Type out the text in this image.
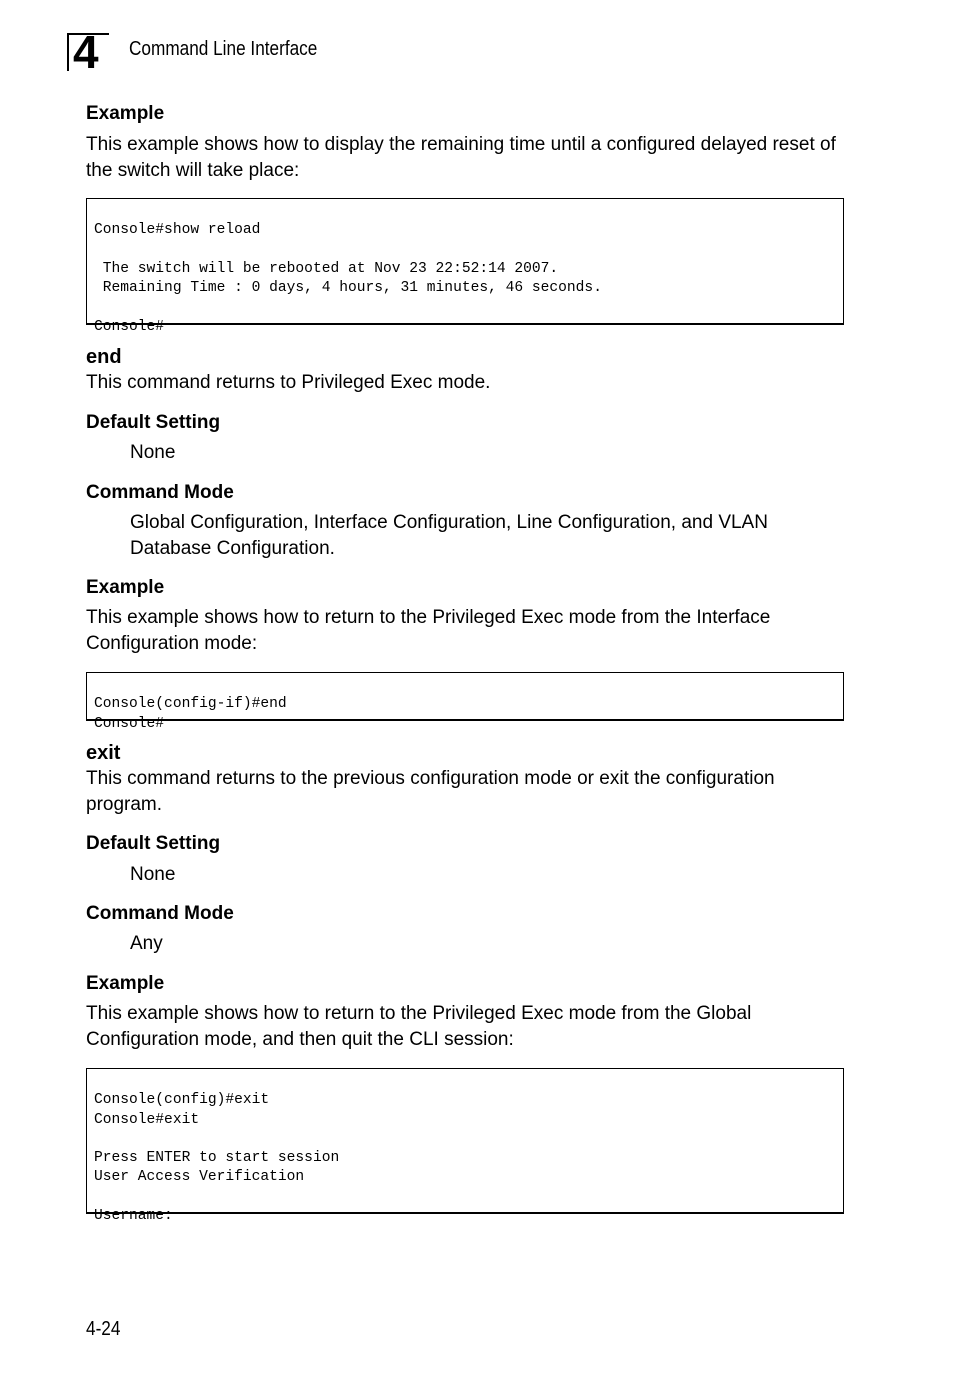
4 Command Line Interface
Example
This example shows how to display the remaining time until a configured delayed reset of the switch will take place:

Console#show reload
The switch will be rebooted at Nov 23 22:52:14 2007.
Remaining Time : 0 days, 4 hours, 31 minutes, 46 seconds.
Console#
end
This command returns to Privileged Exec mode.
Default Setting
None
Command Mode
Global Configuration, Interface Configuration, Line Configuration, and VLAN Database Configuration.
Example
This example shows how to return to the Privileged Exec mode from the Interface Configuration mode:

Console(config-if)#end
Console#
exit
This command returns to the previous configuration mode or exit the configuration program.
Default Setting
None
Command Mode
Any
Example
This example shows how to return to the Privileged Exec mode from the Global Configuration mode, and then quit the CLI session:

Console(config)#exit
Console#exit
Press ENTER to start session
User Access Verification
Username:
4-24
